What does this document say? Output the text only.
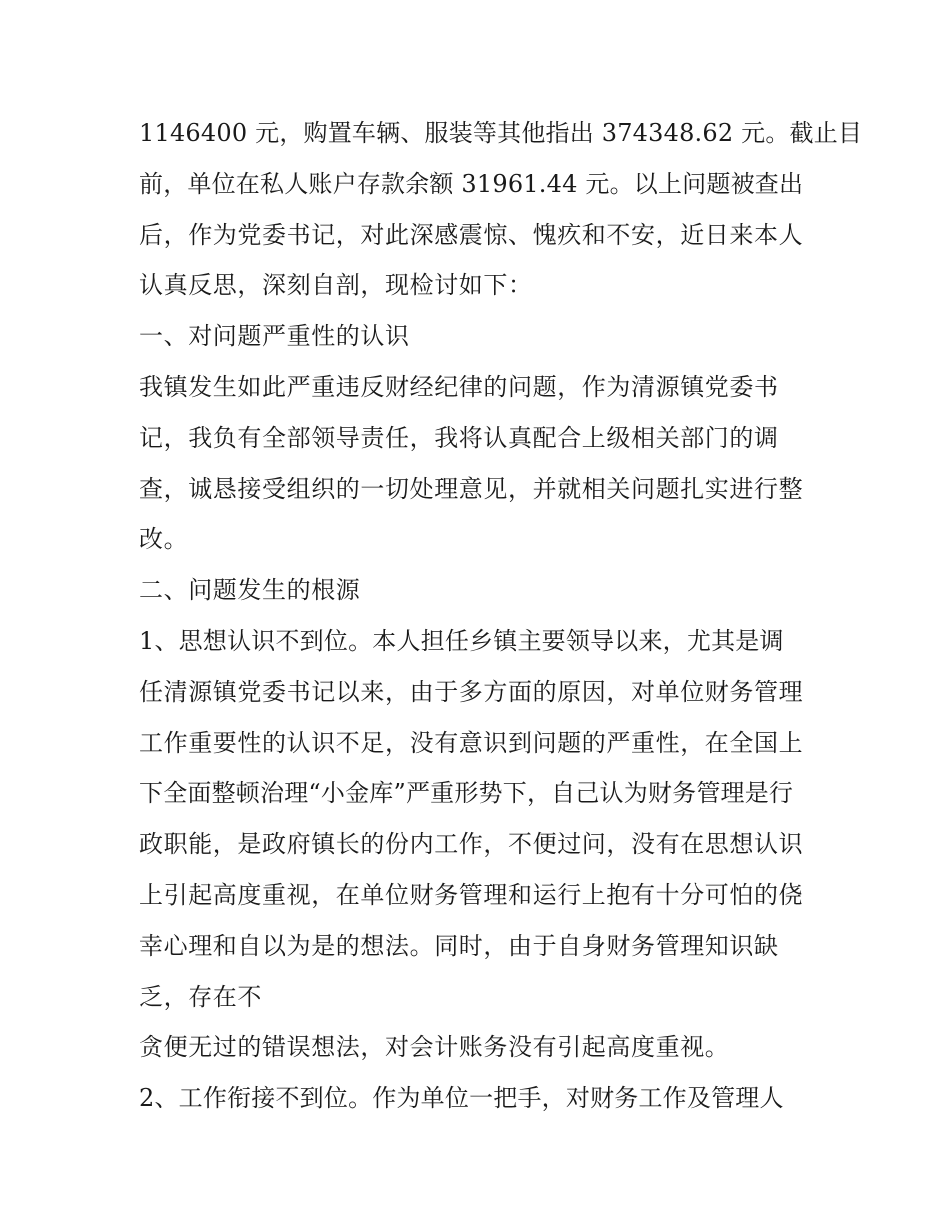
1146400 元，购置车辆、服装等其他指出 374348.62 元。截止目
前，单位在私人账户存款余额 31961.44 元。以上问题被查出
后，作为党委书记，对此深感震惊、愧疚和不安，近日来本人
认真反思，深刻自剖，现检讨如下：
一、对问题严重性的认识
我镇发生如此严重违反财经纪律的问题，作为清源镇党委书
记，我负有全部领导责任，我将认真配合上级相关部门的调
查，诚恳接受组织的一切处理意见，并就相关问题扎实进行整
改。
二、问题发生的根源
1、思想认识不到位。本人担任乡镇主要领导以来，尤其是调
任清源镇党委书记以来，由于多方面的原因，对单位财务管理
工作重要性的认识不足，没有意识到问题的严重性，在全国上
下全面整顿治理“小金库”严重形势下，自己认为财务管理是行
政职能，是政府镇长的份内工作，不便过问，没有在思想认识
上引起高度重视，在单位财务管理和运行上抱有十分可怕的侥
幸心理和自以为是的想法。同时，由于自身财务管理知识缺
乏，存在不
贪便无过的错误想法，对会计账务没有引起高度重视。
2、工作衔接不到位。作为单位一把手，对财务工作及管理人
